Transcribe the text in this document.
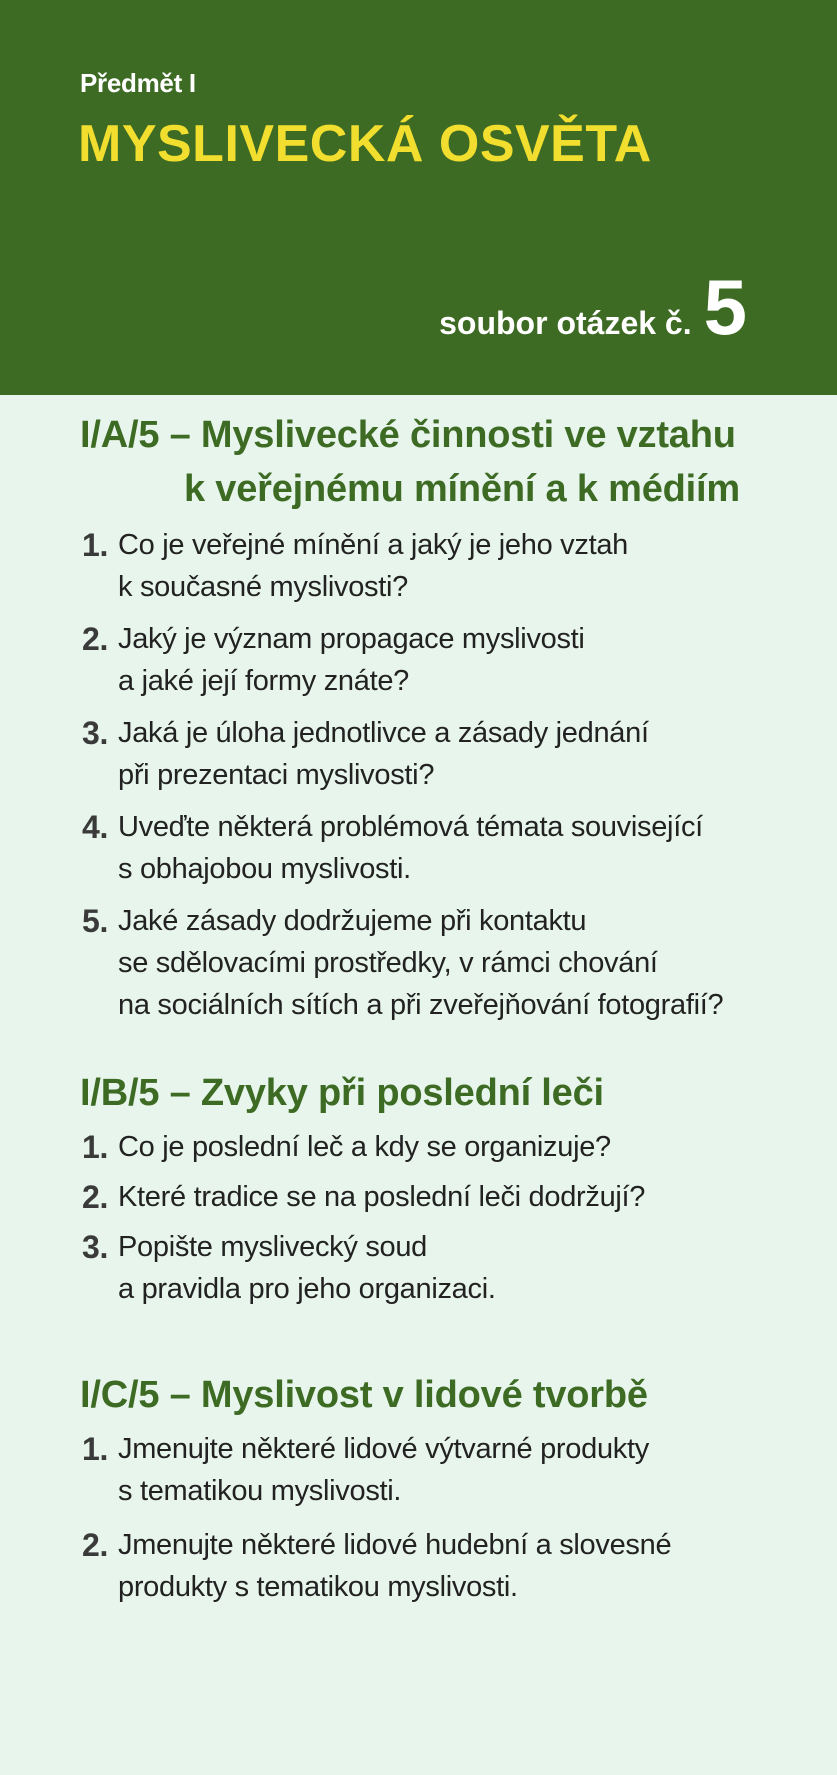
Předmět I
MYSLIVECKÁ OSVĚTA
soubor otázek č. 5
I/A/5 – Myslivecké činnosti ve vztahu
k veřejnému mínění a k médiím
1. Co je veřejné mínění a jaký je jeho vztah
k současné myslivosti?
2. Jaký je význam propagace myslivosti
a jaké její formy znáte?
3. Jaká je úloha jednotlivce a zásady jednání
při prezentaci myslivosti?
4. Uveďte některá problémová témata související
s obhajobou myslivosti.
5. Jaké zásady dodržujeme při kontaktu
se sdělovacími prostředky, v rámci chování
na sociálních sítích a při zveřejňování fotografií?
I/B/5 – Zvyky při poslední leči
1. Co je poslední leč a kdy se organizuje?
2. Které tradice se na poslední leči dodržují?
3. Popište myslivecký soud
a pravidla pro jeho organizaci.
I/C/5 – Myslivost v lidové tvorbě
1. Jmenujte některé lidové výtvarné produkty
s tematikou myslivosti.
2. Jmenujte některé lidové hudební a slovesné
produkty s tematikou myslivosti.
